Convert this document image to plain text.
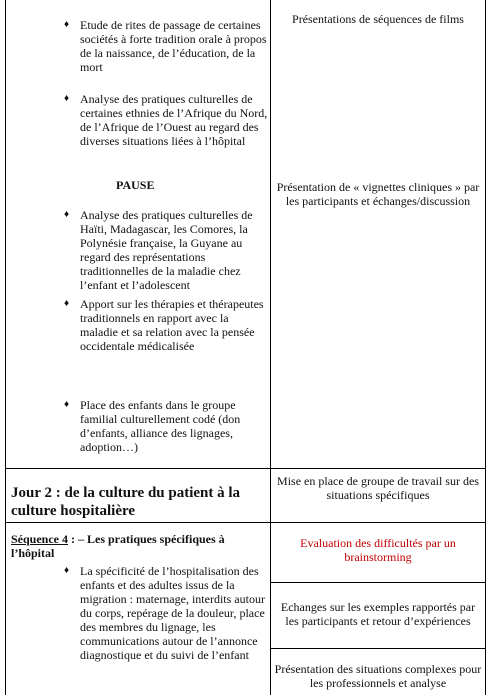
♦ Etude de rites de passage de certaines sociétés à forte tradition orale à propos de la naissance, de l’éducation, de la mort
♦ Analyse des pratiques culturelles de certaines ethnies de l’Afrique du Nord, de l’Afrique de l’Ouest au regard des diverses situations liées à l’hôpital

PAUSE

♦ Analyse des pratiques culturelles de Haïti, Madagascar, les Comores, la Polynésie française, la Guyane au regard des représentations traditionnelles de la maladie chez l’enfant et l’adolescent
♦ Apport sur les thérapies et thérapeutes traditionnels en rapport avec la maladie et sa relation avec la pensée occidentale médicalisée
♦ Place des enfants dans le groupe familial culturellement codé (don d’enfants, alliance des lignages, adoption…)

Jour 2 : de la culture du patient à la culture hospitalière

Séquence 4 : – Les pratiques spécifiques à l’hôpital

♦ La spécificité de l’hospitalisation des enfants et des adultes issus de la migration : maternage, interdits autour du corps, repérage de la douleur, place des membres du lignage, les communications autour de l’annonce diagnostique et du suivi de l’enfant

Présentations de séquences de films

Présentation de « vignettes cliniques » par les participants et échanges/discussion

Mise en place de groupe de travail sur des situations spécifiques

Evaluation des difficultés par un brainstorming

Echanges sur les exemples rapportés par les participants et retour d’expériences

Présentation des situations complexes pour les professionnels et analyse
